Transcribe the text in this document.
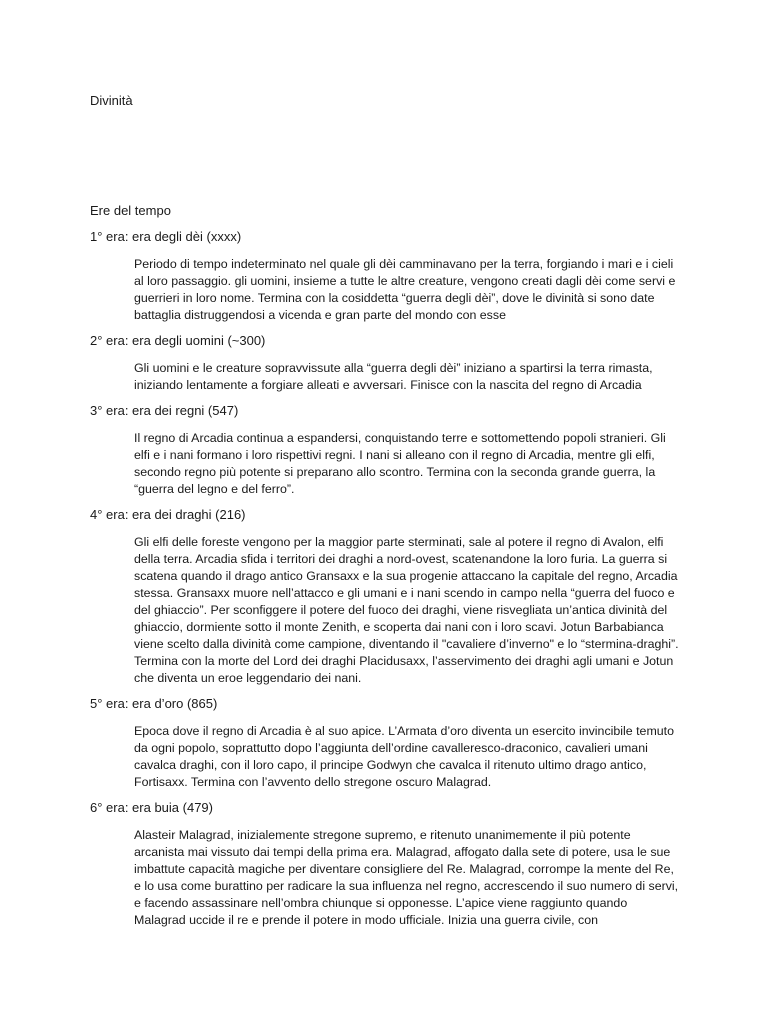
Divinità
Ere del tempo

1° era: era degli dèi (xxxx)

Periodo di tempo indeterminato nel quale gli dèi camminavano per la terra, forgiando i mari e i cieli al loro passaggio. gli uomini, insieme a tutte le altre creature, vengono creati dagli dèi come servi e guerrieri in loro nome. Termina con la cosiddetta “guerra degli dèi”, dove le divinità si sono date battaglia distruggendosi a vicenda e gran parte del mondo con esse

2° era: era degli uomini (~300)

Gli uomini e le creature sopravvissute alla “guerra degli dèi” iniziano a spartirsi la terra rimasta, iniziando lentamente a forgiare alleati e avversari. Finisce con la nascita del regno di Arcadia

3° era: era dei regni (547)

Il regno di Arcadia continua a espandersi, conquistando terre e sottomettendo popoli stranieri. Gli elfi e i nani formano i loro rispettivi regni. I nani si alleano con il regno di Arcadia, mentre gli elfi, secondo regno più potente si preparano allo scontro. Termina con la seconda grande guerra, la “guerra del legno e del ferro”.

4° era: era dei draghi (216)

Gli elfi delle foreste vengono per la maggior parte sterminati, sale al potere il regno di Avalon, elfi della terra. Arcadia sfida i territori dei draghi a nord-ovest, scatenandone la loro furia. La guerra si scatena quando il drago antico Gransaxx e la sua progenie attaccano la capitale del regno, Arcadia stessa. Gransaxx muore nell’attacco e gli umani e i nani scendo in campo nella “guerra del fuoco e del ghiaccio”. Per sconfiggere il potere del fuoco dei draghi, viene risvegliata un’antica divinità del ghiaccio, dormiente sotto il monte Zenith, e scoperta dai nani con i loro scavi. Jotun Barbabianca viene scelto dalla divinità come campione, diventando il "cavaliere d’inverno" e lo “stermina-draghi”. Termina con la morte del Lord dei draghi Placidusaxx, l’asservimento dei draghi agli umani e Jotun che diventa un eroe leggendario dei nani.

5° era: era d’oro (865)

Epoca dove il regno di Arcadia è al suo apice. L’Armata d’oro diventa un esercito invincibile temuto da ogni popolo, soprattutto dopo l’aggiunta dell’ordine cavalleresco-draconico, cavalieri umani cavalca draghi, con il loro capo, il principe Godwyn che cavalca il ritenuto ultimo drago antico, Fortisaxx. Termina con l’avvento dello stregone oscuro Malagrad.

6° era: era buia (479)

Alasteir Malagrad, inizialemente stregone supremo, e ritenuto unanimemente il più potente arcanista mai vissuto dai tempi della prima era. Malagrad, affogato dalla sete di potere, usa le sue imbattute capacità magiche per diventare consigliere del Re. Malagrad, corrompe la mente del Re, e lo usa come burattino per radicare la sua influenza nel regno, accrescendo il suo numero di servi, e facendo assassinare nell’ombra chiunque si opponesse. L’apice viene raggiunto quando Malagrad uccide il re e prende il potere in modo ufficiale. Inizia una guerra civile, con
